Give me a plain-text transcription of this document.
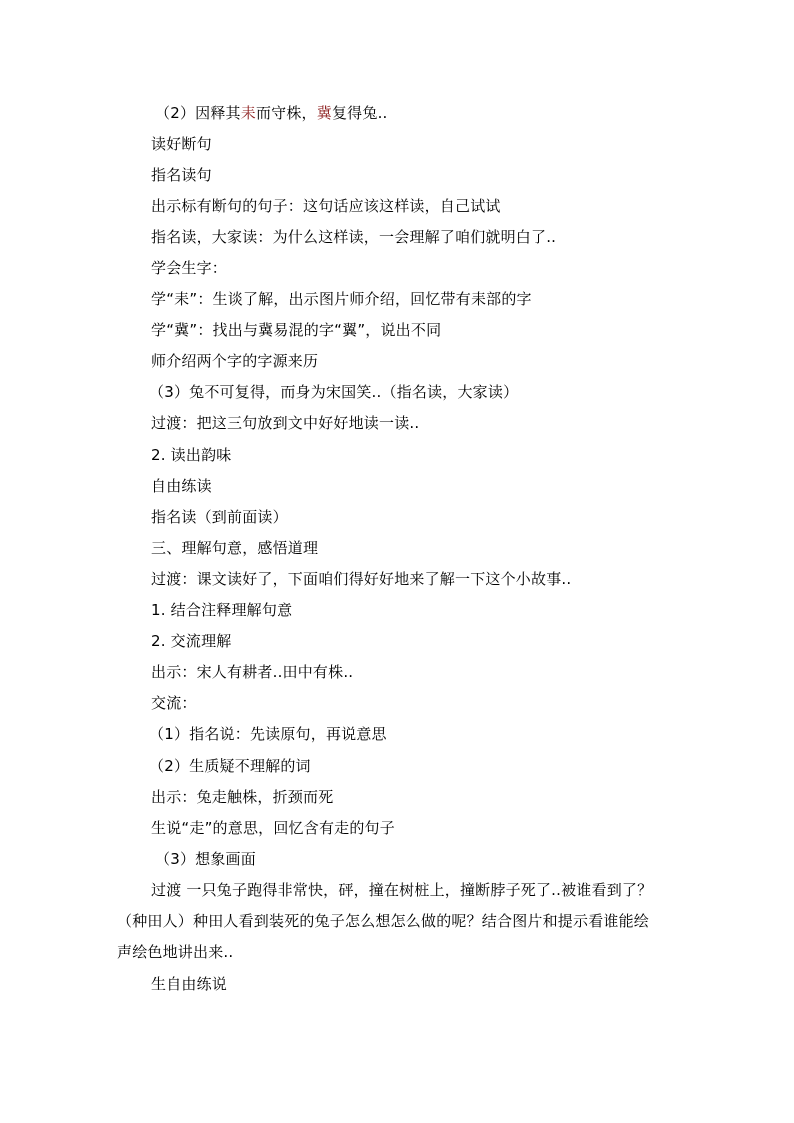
（2）因释其耒而守株，冀复得兔..
读好断句
指名读句
出示标有断句的句子：这句话应该这样读，自己试试
指名读，大家读：为什么这样读，一会理解了咱们就明白了..
学会生字：
学“耒”：生谈了解，出示图片师介绍，回忆带有耒部的字
学“冀”：找出与冀易混的字“翼”，说出不同
师介绍两个字的字源来历
（3）兔不可复得，而身为宋国笑..（指名读，大家读）
过渡：把这三句放到文中好好地读一读..
2. 读出韵味
自由练读
指名读（到前面读）
三、理解句意，感悟道理
过渡：课文读好了，下面咱们得好好地来了解一下这个小故事..
1. 结合注释理解句意
2. 交流理解
出示：宋人有耕者..田中有株..
交流：
（1）指名说：先读原句，再说意思
（2）生质疑不理解的词
出示：兔走触株，折颈而死
生说“走”的意思，回忆含有走的句子
（3）想象画面
过渡 一只兔子跑得非常快，砰，撞在树桩上，撞断脖子死了..被谁看到了？
（种田人）种田人看到装死的兔子怎么想怎么做的呢？结合图片和提示看谁能绘
声绘色地讲出来..
生自由练说
